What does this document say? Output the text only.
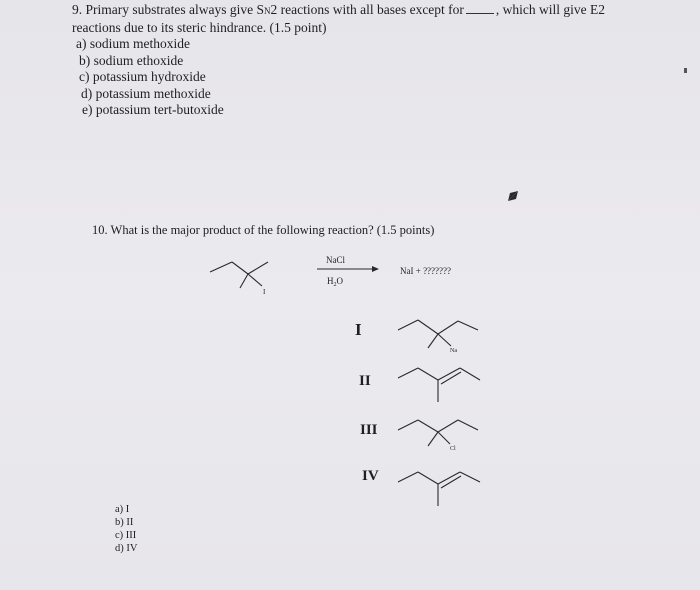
9. Primary substrates always give SN2 reactions with all bases except for , which will give E2
reactions due to its steric hindrance. (1.5 point)

a) sodium methoxide
b) sodium ethoxide
c) potassium hydroxide
d) potassium methoxide
e) potassium tert-butoxide
10. What is the major product of the following reaction? (1.5 points)
I
NaCl
$H_2O$
NaI + ???????
I
II
III
IV
Na
Cl
a) I
b) II
c) III
d) IV
